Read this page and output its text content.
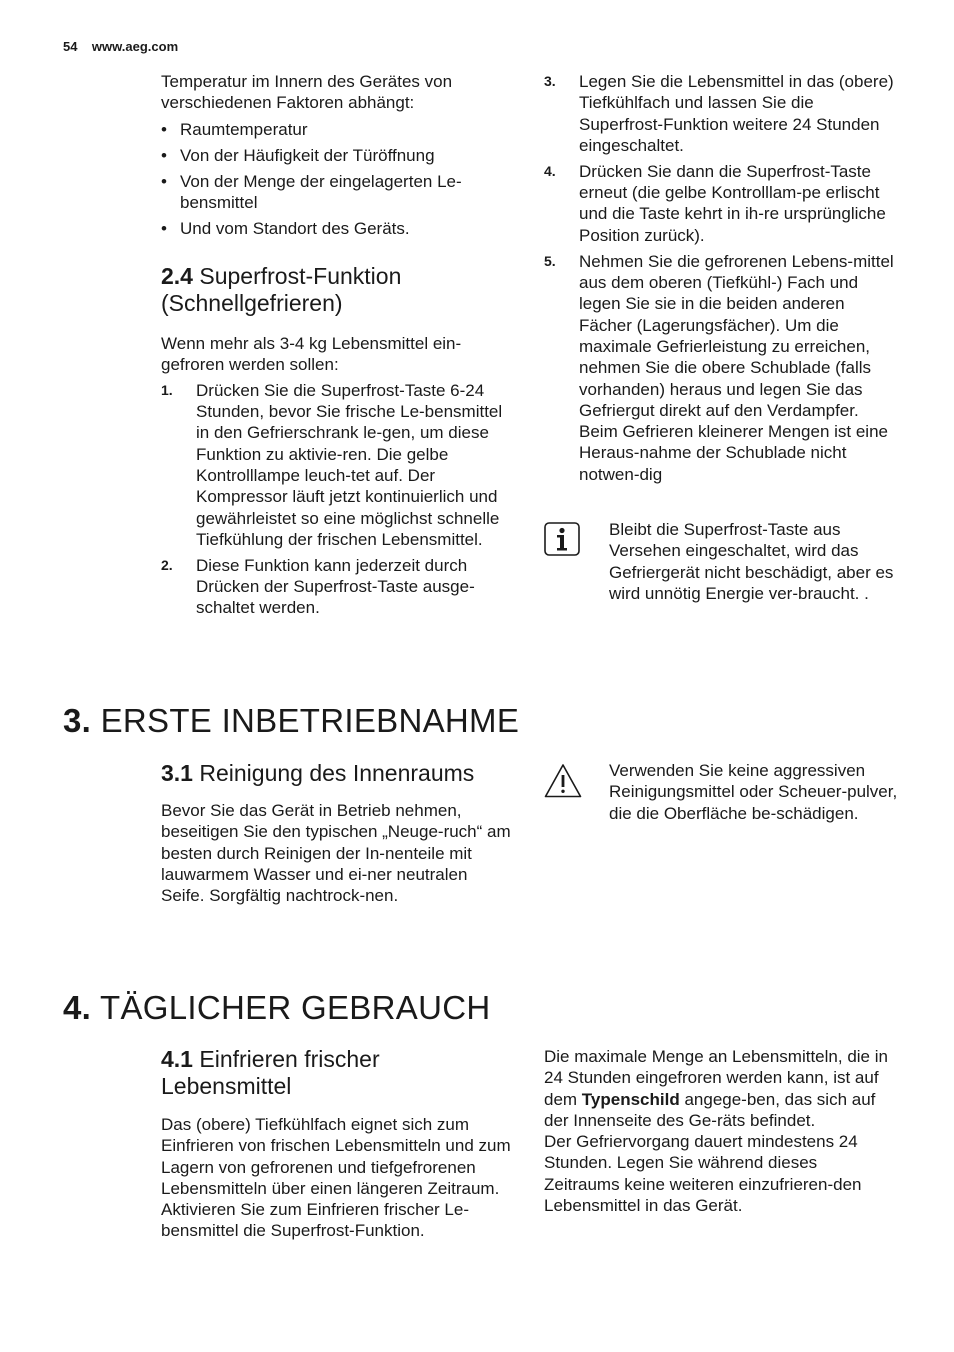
54 www.aeg.com

Temperatur im Innern des Gerätes von verschiedenen Faktoren abhängt:

• Raumtemperatur
• Von der Häufigkeit der Türöffnung
• Von der Menge der eingelagerten Le-bensmittel
• Und vom Standort des Geräts.
2.4 Superfrost-Funktion (Schnellgefrieren)

Wenn mehr als 3-4 kg Lebensmittel ein-gefroren werden sollen:

1. Drücken Sie die Superfrost-Taste 6-24 Stunden, bevor Sie frische Le-bensmittel in den Gefrierschrank le-gen, um diese Funktion zu aktivie-ren. Die gelbe Kontrolllampe leuch-tet auf. Der Kompressor läuft jetzt kontinuierlich und gewährleistet so eine möglichst schnelle Tiefkühlung der frischen Lebensmittel.
2. Diese Funktion kann jederzeit durch Drücken der Superfrost-Taste ausge-schaltet werden.
3. Legen Sie die Lebensmittel in das (obere) Tiefkühlfach und lassen Sie die Superfrost-Funktion weitere 24 Stunden eingeschaltet.
4. Drücken Sie dann die Superfrost-Taste erneut (die gelbe Kontrolllam-pe erlischt und die Taste kehrt in ih-re ursprüngliche Position zurück).
5. Nehmen Sie die gefrorenen Lebens-mittel aus dem oberen (Tiefkühl-) Fach und legen Sie sie in die beiden anderen Fächer (Lagerungsfächer). Um die maximale Gefrierleistung zu erreichen, nehmen Sie die obere Schublade (falls vorhanden) heraus und legen Sie das Gefriergut direkt auf den Verdampfer. Beim Gefrieren kleinerer Mengen ist eine Heraus-nahme der Schublade nicht notwen-dig

Bleibt die Superfrost-Taste aus Versehen eingeschaltet, wird das Gefriergerät nicht beschädigt, aber es wird unnötig Energie ver-braucht. .

3. ERSTE INBETRIEBNAHME
3.1 Reinigung des Innenraums

Bevor Sie das Gerät in Betrieb nehmen, beseitigen Sie den typischen „Neuge-ruch“ am besten durch Reinigen der In-nenteile mit lauwarmem Wasser und ei-ner neutralen Seife. Sorgfältig nachtrock-nen.

Verwenden Sie keine aggressiven Reinigungsmittel oder Scheuer-pulver, die die Oberfläche be-schädigen.

4. TÄGLICHER GEBRAUCH
4.1 Einfrieren frischer Lebensmittel

Das (obere) Tiefkühlfach eignet sich zum Einfrieren von frischen Lebensmitteln und zum Lagern von gefrorenen und tiefgefrorenen Lebensmitteln über einen längeren Zeitraum.

Aktivieren Sie zum Einfrieren frischer Le-bensmittel die Superfrost-Funktion.

Die maximale Menge an Lebensmitteln, die in 24 Stunden eingefroren werden kann, ist auf dem Typenschild angege-ben, das sich auf der Innenseite des Ge-räts befindet.

Der Gefriervorgang dauert mindestens 24 Stunden. Legen Sie während dieses Zeitraums keine weiteren einzufrieren-den Lebensmittel in das Gerät.
